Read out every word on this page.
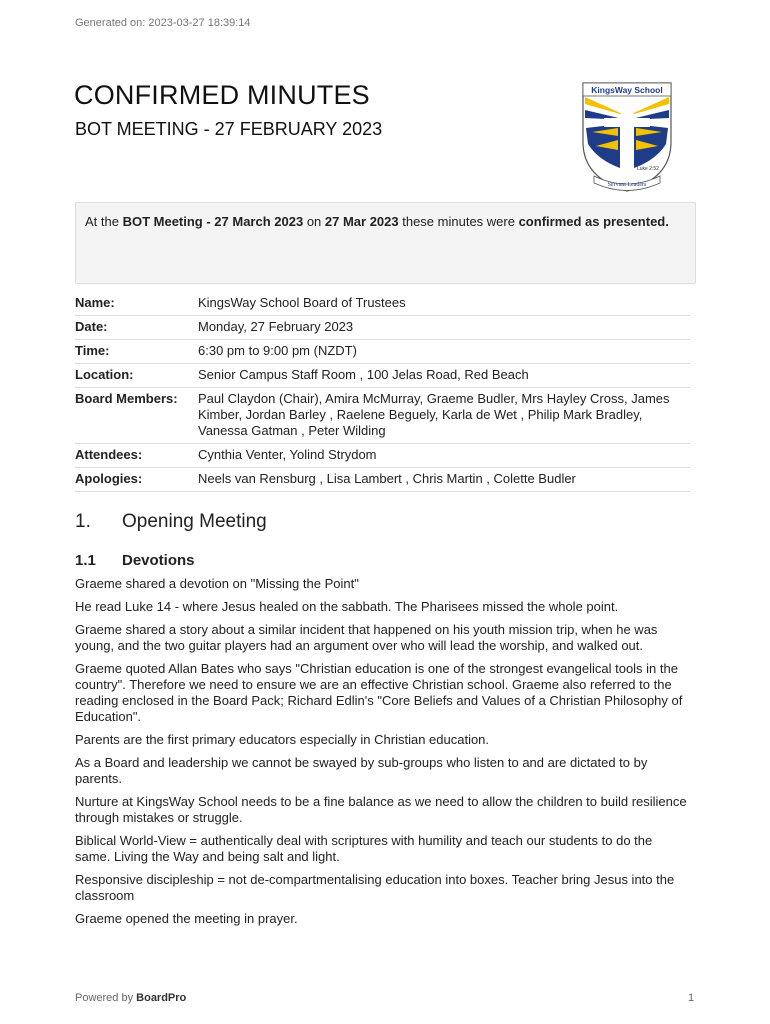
Generated on: 2023-03-27 18:39:14
CONFIRMED MINUTES
BOT MEETING - 27 FEBRUARY 2023
KingsWay School
Luke 2:52
Servant Leaders
At the BOT Meeting - 27 March 2023 on 27 Mar 2023 these minutes were confirmed as presented.
Name:	KingsWay School Board of Trustees
Date:	Monday, 27 February 2023
Time:	6:30 pm to 9:00 pm (NZDT)
Location:	Senior Campus Staff Room , 100 Jelas Road, Red Beach
Board Members:	Paul Claydon (Chair), Amira McMurray, Graeme Budler, Mrs Hayley Cross, James Kimber, Jordan Barley , Raelene Beguely, Karla de Wet , Philip Mark Bradley, Vanessa Gatman , Peter Wilding
Attendees:	Cynthia Venter, Yolind Strydom
Apologies:	Neels van Rensburg , Lisa Lambert , Chris Martin , Colette Budler
1. Opening Meeting
1.1 Devotions

Graeme shared a devotion on "Missing the Point"

He read Luke 14 - where Jesus healed on the sabbath. The Pharisees missed the whole point.

Graeme shared a story about a similar incident that happened on his youth mission trip, when he was young, and the two guitar players had an argument over who will lead the worship, and walked out.

Graeme quoted Allan Bates who says "Christian education is one of the strongest evangelical tools in the country". Therefore we need to ensure we are an effective Christian school. Graeme also referred to the reading enclosed in the Board Pack; Richard Edlin's "Core Beliefs and Values of a Christian Philosophy of Education".

Parents are the first primary educators especially in Christian education.

As a Board and leadership we cannot be swayed by sub-groups who listen to and are dictated to by parents.

Nurture at KingsWay School needs to be a fine balance as we need to allow the children to build resilience through mistakes or struggle.

Biblical World-View = authentically deal with scriptures with humility and teach our students to do the same. Living the Way and being salt and light.

Responsive discipleship = not de-compartmentalising education into boxes. Teacher bring Jesus into the classroom

Graeme opened the meeting in prayer.

Powered by BoardPro	1
